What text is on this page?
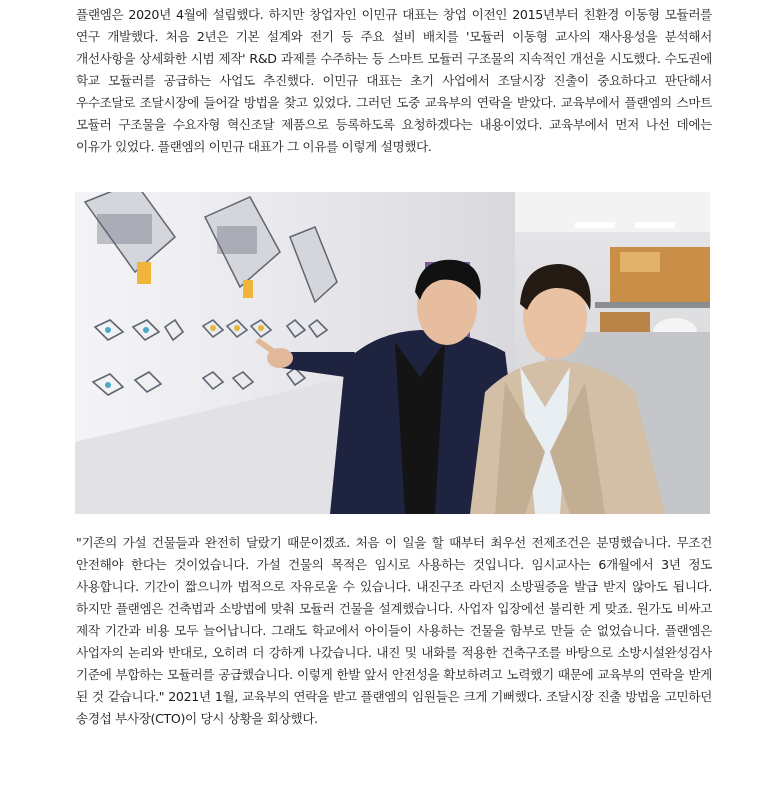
플랜엠은 2020년 4월에 설립했다. 하지만 창업자인 이민규 대표는 창업 이전인 2015년부터 친환경 이동형 모듈러를 연구 개발했다. 처음 2년은 기본 설계와 전기 등 주요 설비 배치를 '모듈러 이동형 교사의 재사용성을 분석해서 개선사항을 상세화한 시범 제작' R&D 과제를 수주하는 등 스마트 모듈러 구조물의 지속적인 개선을 시도했다. 수도권에 학교 모듈러를 공급하는 사업도 추진했다. 이민규 대표는 초기 사업에서 조달시장 진출이 중요하다고 판단해서 우수조달로 조달시장에 들어갈 방법을 찾고 있었다. 그러던 도중 교육부의 연락을 받았다. 교육부에서 플랜엠의 스마트 모듈러 구조물을 수요자형 혁신조달 제품으로 등록하도록 요청하겠다는 내용이었다. 교육부에서 먼저 나선 데에는 이유가 있었다. 플랜엠의 이민규 대표가 그 이유를 이렇게 설명했다.

"기존의 가설 건물들과 완전히 달랐기 때문이겠죠. 처음 이 일을 할 때부터 최우선 전제조건은 분명했습니다. 무조건 안전해야 한다는 것이었습니다. 가설 건물의 목적은 임시로 사용하는 것입니다. 임시교사는 6개월에서 3년 정도 사용합니다. 기간이 짧으니까 법적으로 자유로울 수 있습니다. 내진구조 라던지 소방필증을 발급 받지 않아도 됩니다. 하지만 플랜엠은 건축법과 소방법에 맞춰 모듈러 건물을 설계했습니다. 사업자 입장에선 불리한 게 맞죠. 원가도 비싸고 제작 기간과 비용 모두 늘어납니다. 그래도 학교에서 아이들이 사용하는 건물을 함부로 만들 순 없었습니다. 플랜엠은 사업자의 논리와 반대로, 오히려 더 강하게 나갔습니다. 내진 및 내화를 적용한 건축구조를 바탕으로 소방시설완성검사 기준에 부합하는 모듈러를 공급했습니다. 이렇게 한발 앞서 안전성을 확보하려고 노력했기 때문에 교육부의 연락을 받게 된 것 같습니다." 2021년 1월, 교육부의 연락을 받고 플랜엠의 임원들은 크게 기뻐했다. 조달시장 진출 방법을 고민하던 송경섭 부사장(CTO)이 당시 상황을 회상했다.
